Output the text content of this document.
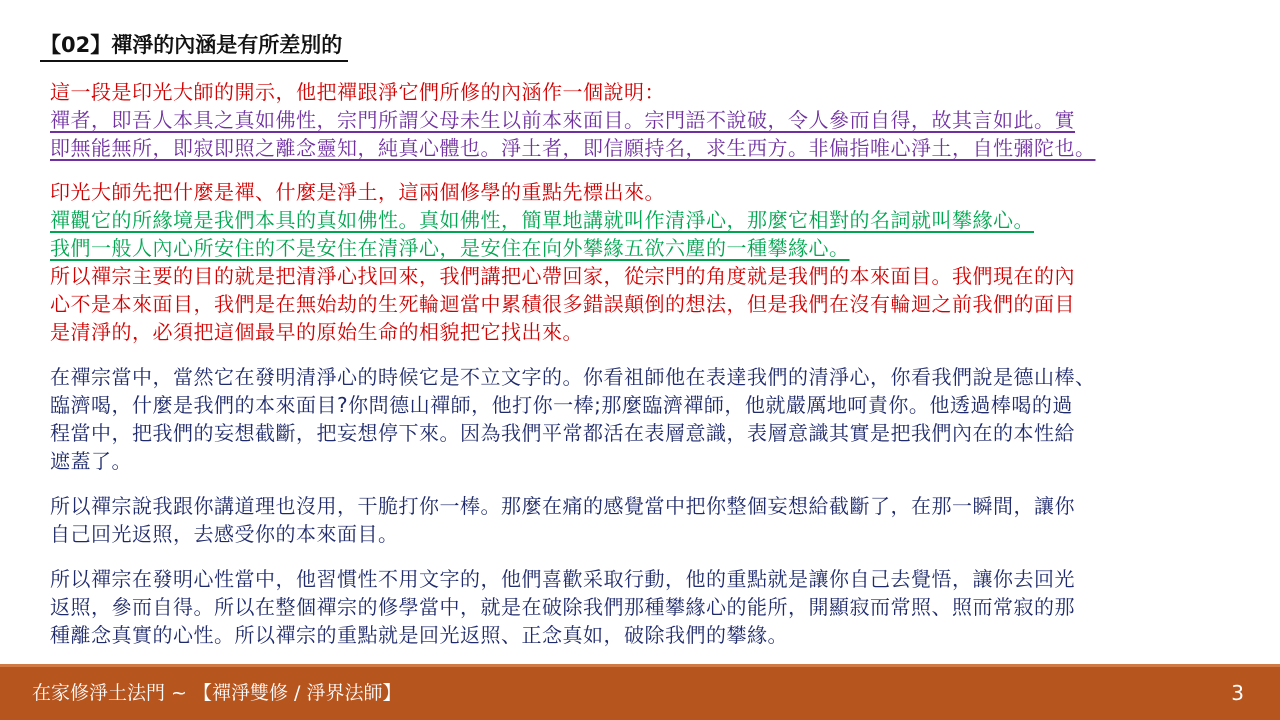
【02】禪淨的內涵是有所差別的

這一段是印光大師的開示，他把禪跟淨它們所修的內涵作一個說明：

禪者，即吾人本具之真如佛性，宗門所謂父母未生以前本來面目。宗門語不說破，令人參而自得，故其言如此。實
即無能無所，即寂即照之離念靈知，純真心體也。淨土者，即信願持名，求生西方。非偏指唯心淨土，自性彌陀也。

印光大師先把什麼是禪、什麼是淨土，這兩個修學的重點先標出來。

禪觀它的所緣境是我們本具的真如佛性。真如佛性，簡單地講就叫作清淨心，那麼它相對的名詞就叫攀緣心。
我們一般人內心所安住的不是安住在清淨心，是安住在向外攀緣五欲六塵的一種攀緣心。

所以禪宗主要的目的就是把清淨心找回來，我們講把心帶回家，從宗門的角度就是我們的本來面目。我們現在的內
心不是本來面目，我們是在無始劫的生死輪迴當中累積很多錯誤顛倒的想法，但是我們在沒有輪迴之前我們的面目
是清淨的，必須把這個最早的原始生命的相貌把它找出來。

在禪宗當中，當然它在發明清淨心的時候它是不立文字的。你看祖師他在表達我們的清淨心，你看我們說是德山棒、
臨濟喝，什麼是我們的本來面目?你問德山禪師，他打你一棒;那麼臨濟禪師，他就嚴厲地呵責你。他透過棒喝的過
程當中，把我們的妄想截斷，把妄想停下來。因為我們平常都活在表層意識，表層意識其實是把我們內在的本性給
遮蓋了。

所以禪宗說我跟你講道理也沒用，干脆打你一棒。那麼在痛的感覺當中把你整個妄想給截斷了，在那一瞬間，讓你
自己回光返照，去感受你的本來面目。

所以禪宗在發明心性當中，他習慣性不用文字的，他們喜歡采取行動，他的重點就是讓你自己去覺悟，讓你去回光
返照，參而自得。所以在整個禪宗的修學當中，就是在破除我們那種攀緣心的能所，開顯寂而常照、照而常寂的那
種離念真實的心性。所以禪宗的重點就是回光返照、正念真如，破除我們的攀緣。

在家修淨土法門 ~ 【禪淨雙修 / 淨界法師】	3
